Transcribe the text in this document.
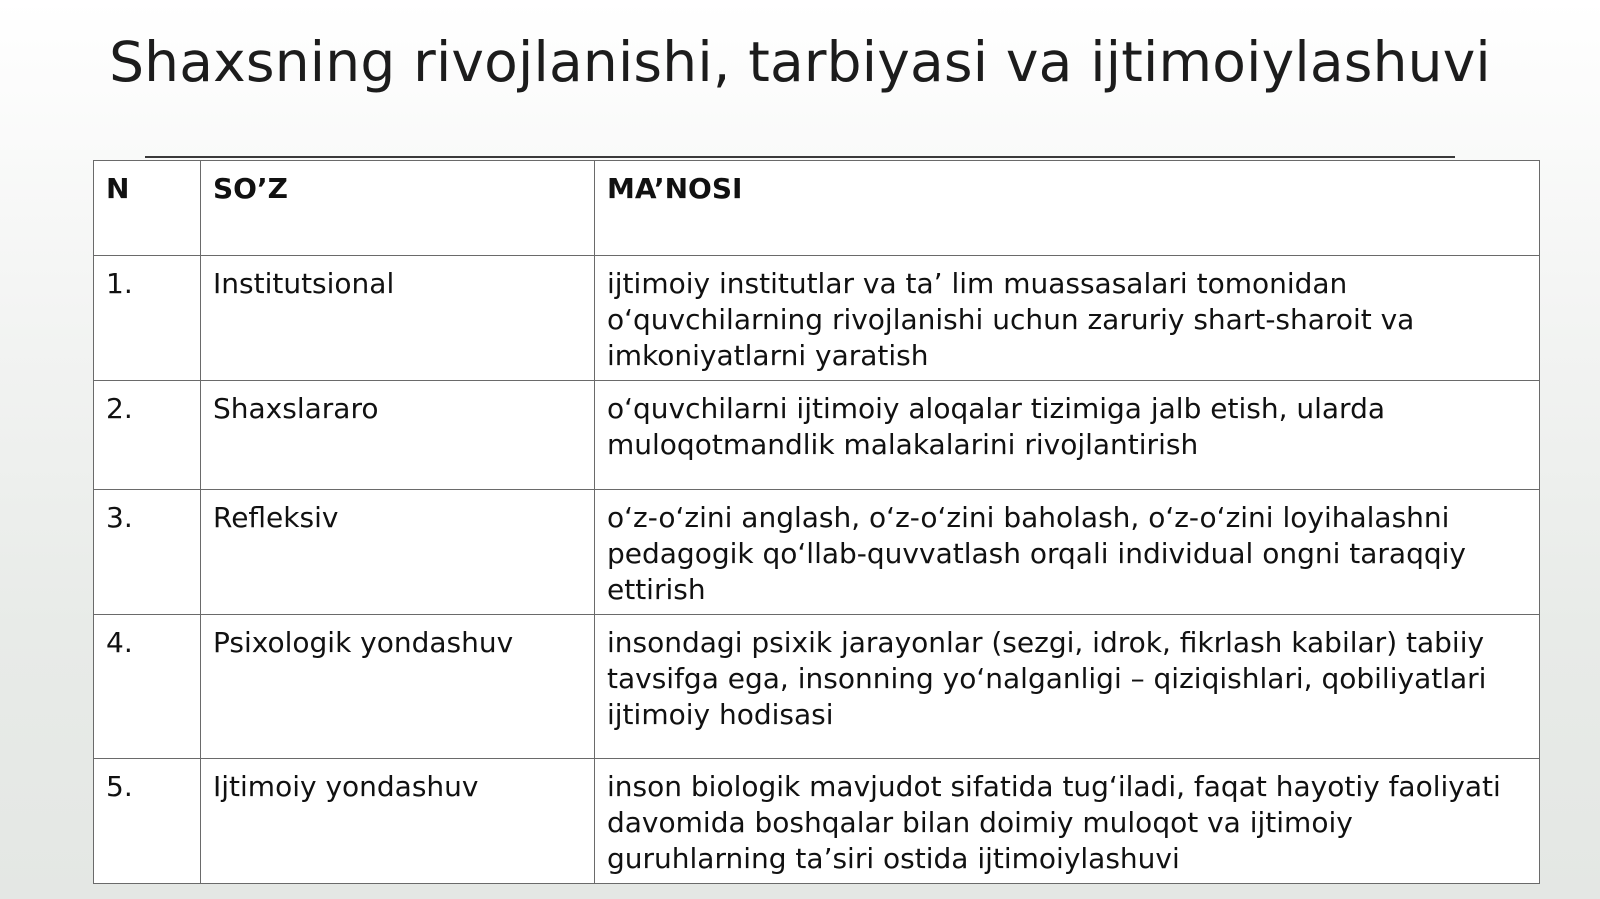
Shaxsning rivojlanishi, tarbiyasi va ijtimoiylashuvi
N	SO’Z	MA’NOSI
1.	Institutsional	ijtimoiy institutlar va ta’ lim muassasalari tomonidan o‘quvchilarning rivojlanishi uchun zaruriy shart-sharoit va imkoniyatlarni yaratish
2.	Shaxslararo	o‘quvchilarni ijtimoiy aloqalar tizimiga jalb etish, ularda muloqotmandlik malakalarini rivojlantirish
3.	Refleksiv	o‘z-o‘zini anglash, o‘z-o‘zini baholash, o‘z-o‘zini loyihalashni pedagogik qo‘llab-quvvatlash orqali individual ongni taraqqiy ettirish
4.	Psixologik yondashuv	insondagi psixik jarayonlar (sezgi, idrok, fikrlash kabilar) tabiiy tavsifga ega, insonning yo‘nalganligi – qiziqishlari, qobiliyatlari ijtimoiy hodisasi
5.	Ijtimoiy yondashuv	inson biologik mavjudot sifatida tug‘iladi, faqat hayotiy faoliyati davomida boshqalar bilan doimiy muloqot va ijtimoiy guruhlarning ta’siri ostida ijtimoiylashuvi
